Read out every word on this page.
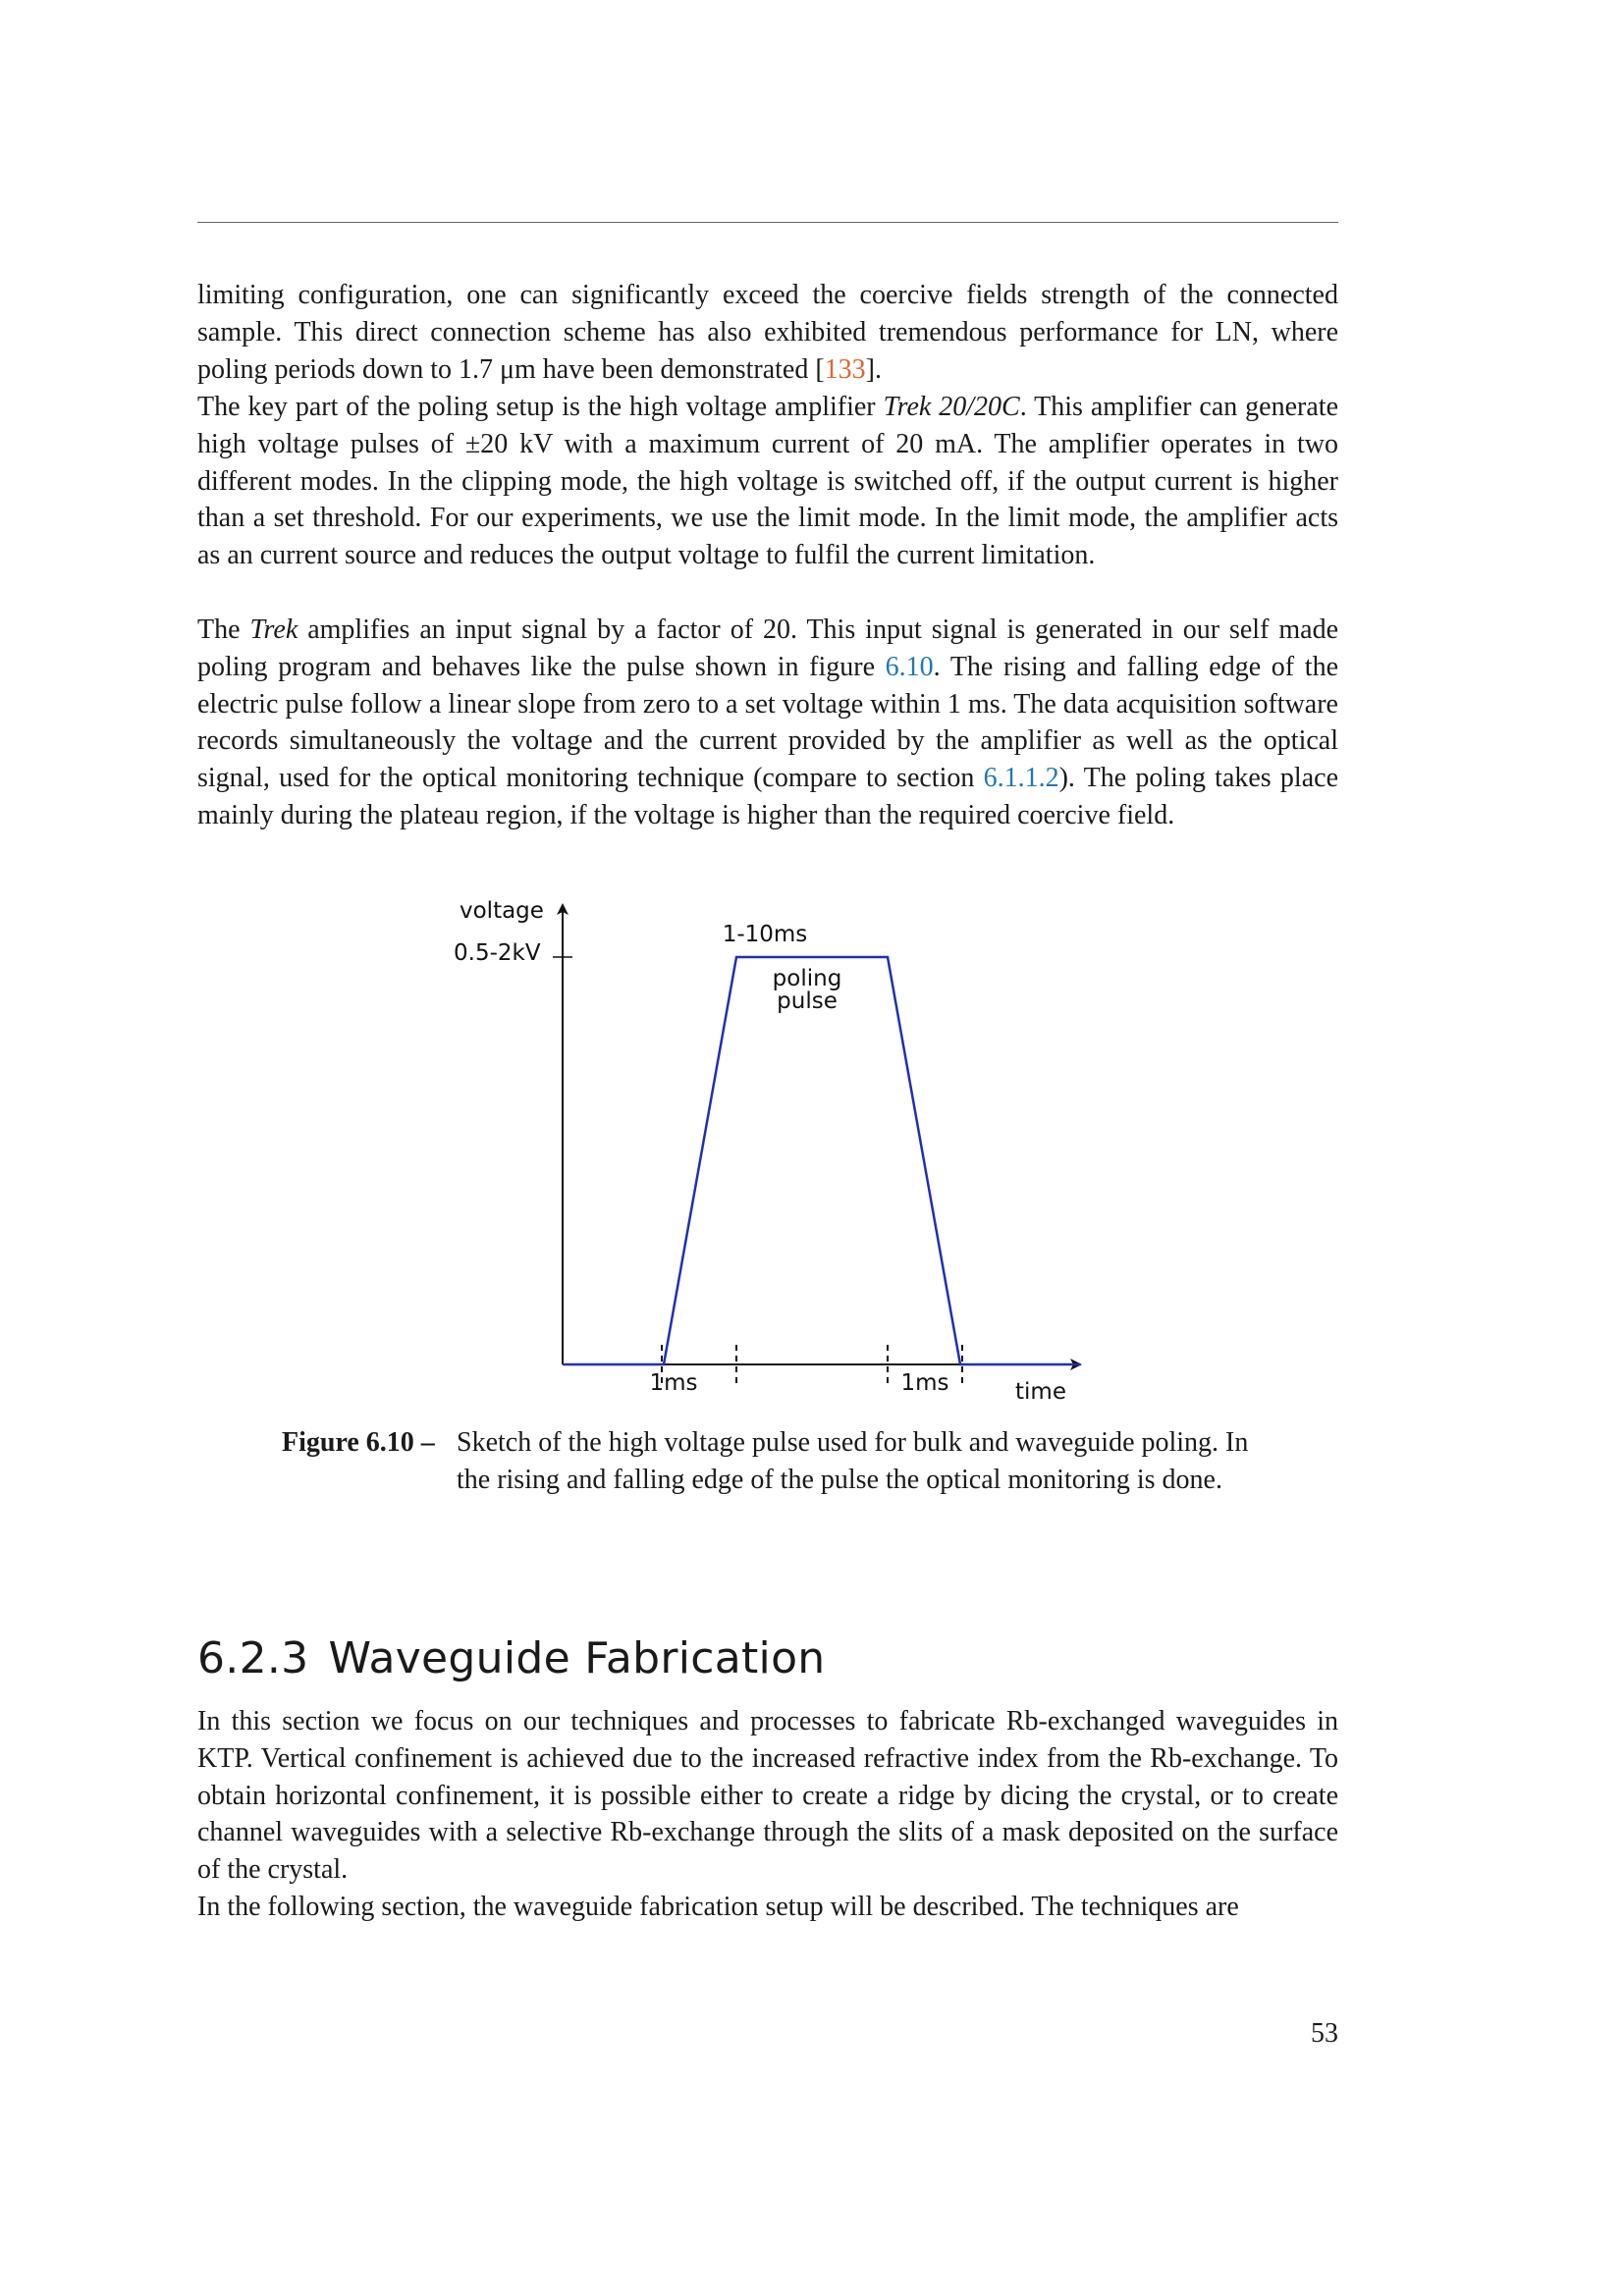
limiting configuration, one can significantly exceed the coercive fields strength of the connected sample. This direct connection scheme has also exhibited tremendous performance for LN, where poling periods down to 1.7 μm have been demonstrated [133].

The key part of the poling setup is the high voltage amplifier Trek 20/20C. This amplifier can generate high voltage pulses of ±20 kV with a maximum current of 20 mA. The amplifier operates in two different modes. In the clipping mode, the high voltage is switched off, if the output current is higher than a set threshold. For our experiments, we use the limit mode. In the limit mode, the amplifier acts as an current source and reduces the output voltage to fulfil the current limitation.

The Trek amplifies an input signal by a factor of 20. This input signal is generated in our self made poling program and behaves like the pulse shown in figure 6.10. The rising and falling edge of the electric pulse follow a linear slope from zero to a set voltage within 1 ms. The data acquisition software records simultaneously the voltage and the current provided by the amplifier as well as the optical signal, used for the optical monitoring technique (compare to section 6.1.1.2). The poling takes place mainly during the plateau region, if the voltage is higher than the required coercive field.

voltage
0.5-2kV
1-10ms
poling
pulse
1ms	1ms	time
Figure 6.10 – Sketch of the high voltage pulse used for bulk and waveguide poling. In the rising and falling edge of the pulse the optical monitoring is done.
6.2.3 Waveguide Fabrication

In this section we focus on our techniques and processes to fabricate Rb-exchanged waveguides in KTP. Vertical confinement is achieved due to the increased refractive index from the Rb-exchange. To obtain horizontal confinement, it is possible either to create a ridge by dicing the crystal, or to create channel waveguides with a selective Rb-exchange through the slits of a mask deposited on the surface of the crystal.

In the following section, the waveguide fabrication setup will be described. The techniques are

53
